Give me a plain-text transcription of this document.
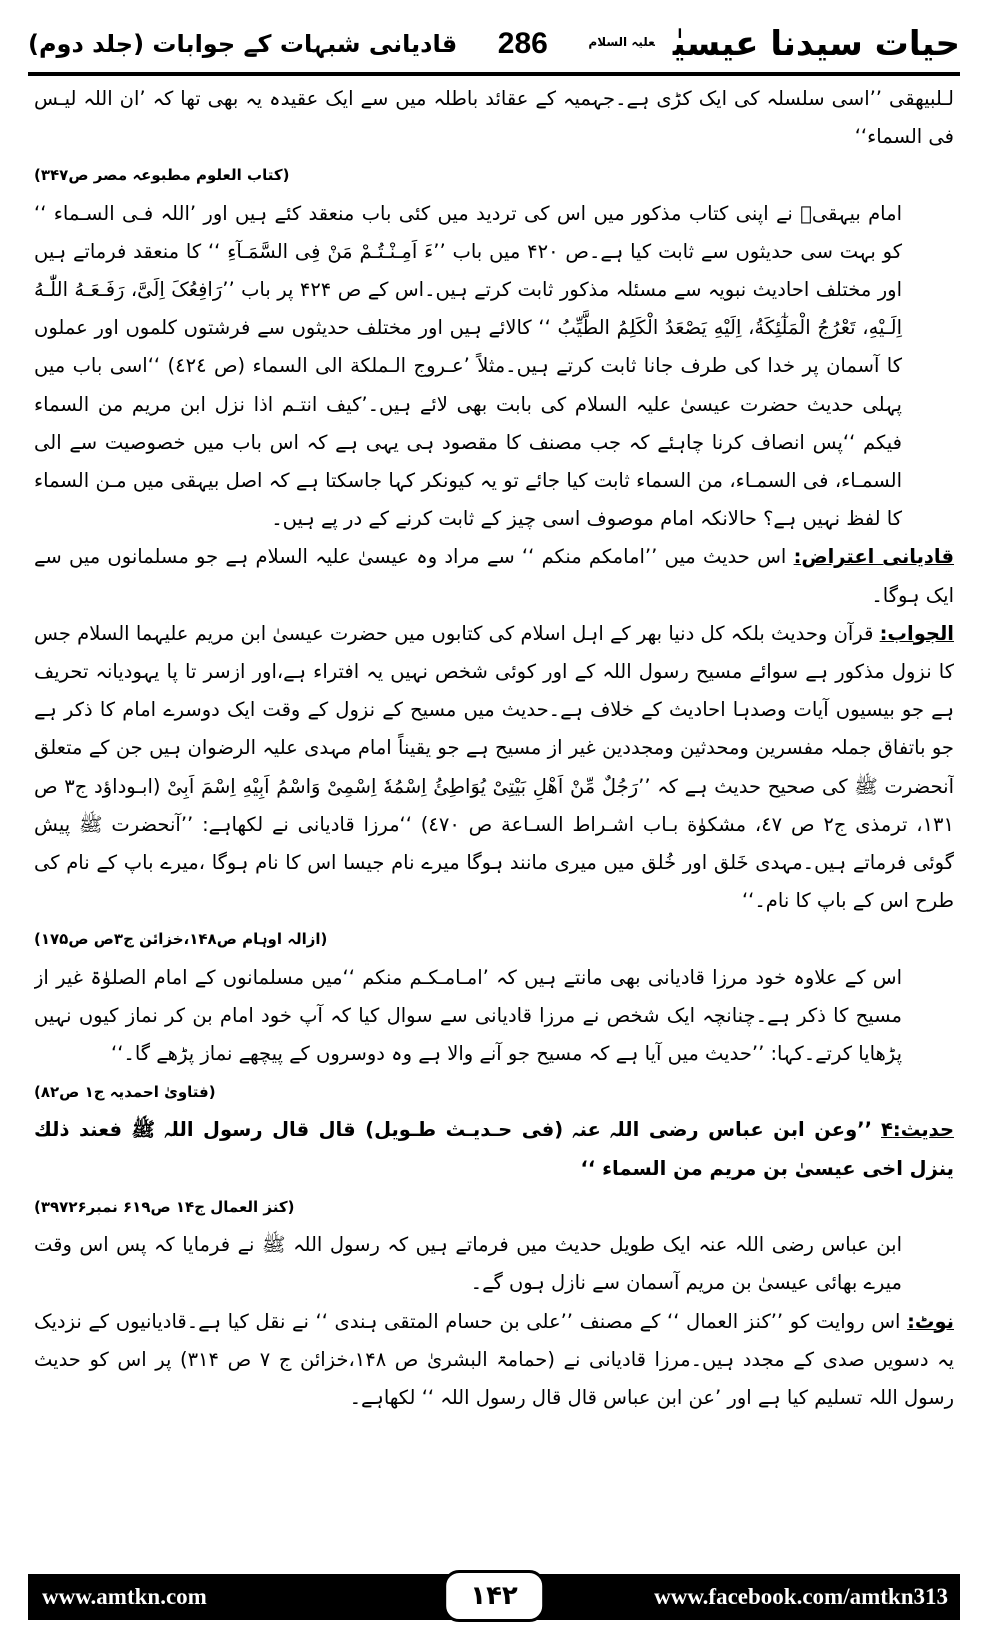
حیات سیدنا عیسیٰ$^{علیہ السلام}$
286
قادیانی شبہات کے جوابات (جلد دوم)

لـلبیھقی ’’اسی سلسلہ کی ایک کڑی ہے۔جہمیہ کے عقائد باطلہ میں سے ایک عقیدہ یہ بھی تھا کہ ’ان اللہ لیـس فی السماء‘‘

(کتاب العلوم مطبوعہ مصر ص۳۴۷)

امام بیہقیؒ نے اپنی کتاب مذکور میں اس کی تردید میں کئی باب منعقد کئے ہیں اور ’اللہ فـی السـماء ‘‘ کو بہت سی حدیثوں سے ثابت کیا ہے۔ص ۴۲۰ میں باب ’’ءَ اَمِـنْـتُـمْ مَنْ فِی السَّمَـآءِ ‘‘ کا منعقد فرماتے ہیں اور مختلف احادیث نبویہ سے مسئلہ مذکور ثابت کرتے ہیں۔اس کے ص ۴۲۴ پر باب ’’رَافِعُکَ اِلَیَّ، رَفَـعَـهُ اللّٰـهُ اِلَـیْهِ، تَعْرُجُ الْمَلٰٓئِكَةُ، اِلَیْهِ یَصْعَدُ الْكَلِمُ الطَّیِّبُ ‘‘ کالائے ہیں اور مختلف حدیثوں سے فرشتوں کلموں اور عملوں کا آسمان پر خدا کی طرف جانا ثابت کرتے ہیں۔مثلاً ’عـروج الـملكة الی السماء (ص ٤٢٤) ‘‘اسی باب میں پہلی حدیث حضرت عیسیٰ علیہ السلام کی بابت بھی لائے ہیں۔’کیف انتـم اذا نزل ابن مریم من السماء فیكم ‘‘پس انصاف کرنا چاہئے کہ جب مصنف کا مقصود ہی یہی ہے کہ اس باب میں خصوصیت سے الی السمـاء، فی السمـاء، من السماء ثابت کیا جائے تو یہ کیونکر کہا جاسکتا ہے کہ اصل بیہقی میں مـن السماء کا لفظ نہیں ہے؟ حالانکہ امام موصوف اسی چیز کے ثابت کرنے کے در پے ہیں۔

قادیانی اعتراض: اس حدیث میں ’’امامکم منکم ‘‘ سے مراد وہ عیسیٰ علیہ السلام ہے جو مسلمانوں میں سے ایک ہوگا۔

الجواب: قرآن وحدیث بلکہ کل دنیا بھر کے اہل اسلام کی کتابوں میں حضرت عیسیٰ ابن مریم علیہما السلام جس کا نزول مذکور ہے سوائے مسیح رسول اللہ کے اور کوئی شخص نہیں یہ افتراء ہے،اور ازسر تا پا یہودیانہ تحریف ہے جو بیسیوں آیات وصدہا احادیث کے خلاف ہے۔حدیث میں مسیح کے نزول کے وقت ایک دوسرے امام کا ذکر ہے جو باتفاق جملہ مفسرین ومحدثین ومجددین غیر از مسیح ہے جو یقیناً امام مہدی علیہ الرضوان ہیں جن کے متعلق آنحضرت ﷺ کی صحیح حدیث ہے کہ ’’رَجُلٌ مِّنْ اَهْلِ بَیْتِیْ یُوَاطِئُ اِسْمُهٗ اِسْمِیْ وَاسْمُ اَبِیْهِ اِسْمَ اَبِیْ (ابـوداؤد ج٣ ص ١٣١، ترمذی ج٢ ص ٤٧، مشكوٰة بـاب اشـراط السـاعة ص ٤٧٠) ‘‘مرزا قادیانی نے لکھاہے: ’’آنحضرت ﷺ پیش گوئی فرماتے ہیں۔مہدی خَلق اور خُلق میں میری مانند ہوگا میرے نام جیسا اس کا نام ہوگا ،میرے باپ کے نام کی طرح اس کے باپ کا نام۔‘‘

(ازالہ اوہام ص۱۴۸،خزائن ج۳ص ص۱۷۵)

اس کے علاوہ خود مرزا قادیانی بھی مانتے ہیں کہ ’امـامـكـم منكم ‘‘میں مسلمانوں کے امام الصلوٰۃ غیر از مسیح کا ذکر ہے۔چنانچہ ایک شخص نے مرزا قادیانی سے سوال کیا کہ آپ خود امام بن کر نماز کیوں نہیں پڑھایا کرتے۔کہا: ’’حدیث میں آیا ہے کہ مسیح جو آنے والا ہے وہ دوسروں کے پیچھے نماز پڑھے گا۔‘‘

(فتاویٰ احمدیہ ج۱ ص۸۲)

حدیث:۴ ’’وعن ابن عباس رضی اللہ عنہ (فی حـدیـث طـویل) قال قال رسول اللہ ﷺ فعند ذلك ینزل اخی عیسیٰ بن مریم من السماء ‘‘

(کنز العمال ج۱۴ ص۶۱۹ نمبر۳۹۷۲۶)

ابن عباس رضی اللہ عنہ ایک طویل حدیث میں فرماتے ہیں کہ رسول اللہ ﷺ نے فرمایا کہ پس اس وقت میرے بھائی عیسیٰ بن مریم آسمان سے نازل ہوں گے۔

نوٹ: اس روایت کو ’’کنز العمال ‘‘ کے مصنف ’’علی بن حسام المتقی ہندی ‘‘ نے نقل کیا ہے۔قادیانیوں کے نزدیک یہ دسویں صدی کے مجدد ہیں۔مرزا قادیانی نے (حمامۃ البشریٰ ص ۱۴۸،خزائن ج ۷ ص ۳۱۴) پر اس کو حدیث رسول اللہ تسلیم کیا ہے اور ’عن ابن عباس قال قال رسول اللہ ‘‘ لکھاہے۔

www.amtkn.com	۱۴۲	www.facebook.com/amtkn313
